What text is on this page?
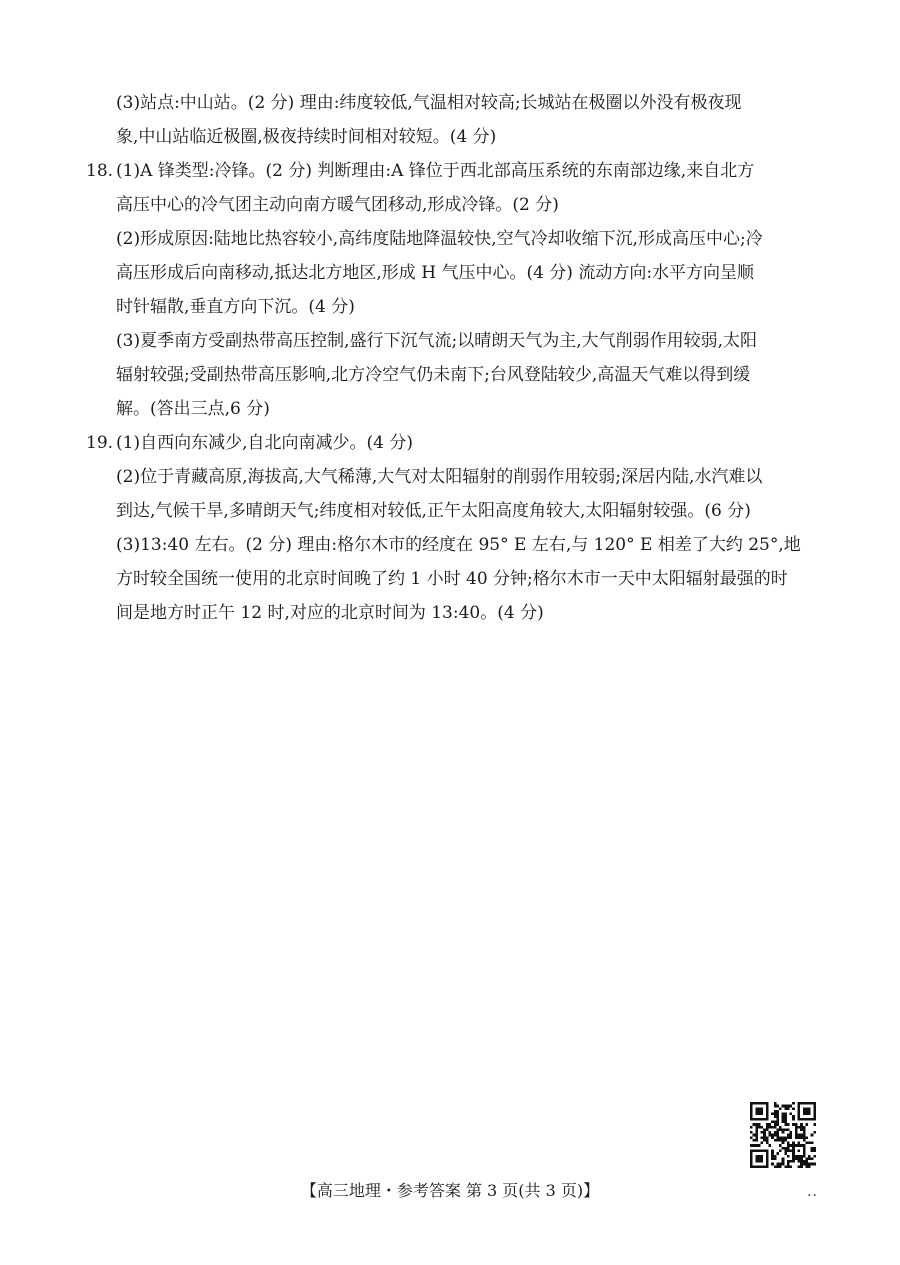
(3)站点:中山站。(2 分) 理由:纬度较低,气温相对较高;长城站在极圈以外没有极夜现
象,中山站临近极圈,极夜持续时间相对较短。(4 分)
18. (1)A 锋类型:冷锋。(2 分) 判断理由:A 锋位于西北部高压系统的东南部边缘,来自北方
高压中心的冷气团主动向南方暖气团移动,形成冷锋。(2 分)
(2)形成原因:陆地比热容较小,高纬度陆地降温较快,空气冷却收缩下沉,形成高压中心;冷
高压形成后向南移动,抵达北方地区,形成 H 气压中心。(4 分) 流动方向:水平方向呈顺
时针辐散,垂直方向下沉。(4 分)
(3)夏季南方受副热带高压控制,盛行下沉气流;以晴朗天气为主,大气削弱作用较弱,太阳
辐射较强;受副热带高压影响,北方冷空气仍未南下;台风登陆较少,高温天气难以得到缓
解。(答出三点,6 分)
19. (1)自西向东减少,自北向南减少。(4 分)
(2)位于青藏高原,海拔高,大气稀薄,大气对太阳辐射的削弱作用较弱;深居内陆,水汽难以
到达,气候干旱,多晴朗天气;纬度相对较低,正午太阳高度角较大,太阳辐射较强。(6 分)
(3)13:40 左右。(2 分) 理由:格尔木市的经度在 95° E 左右,与 120° E 相差了大约 25°,地
方时较全国统一使用的北京时间晚了约 1 小时 40 分钟;格尔木市一天中太阳辐射最强的时
间是地方时正午 12 时,对应的北京时间为 13:40。(4 分)
【高三地理・参考答案 第 3 页(共 3 页)】	..
